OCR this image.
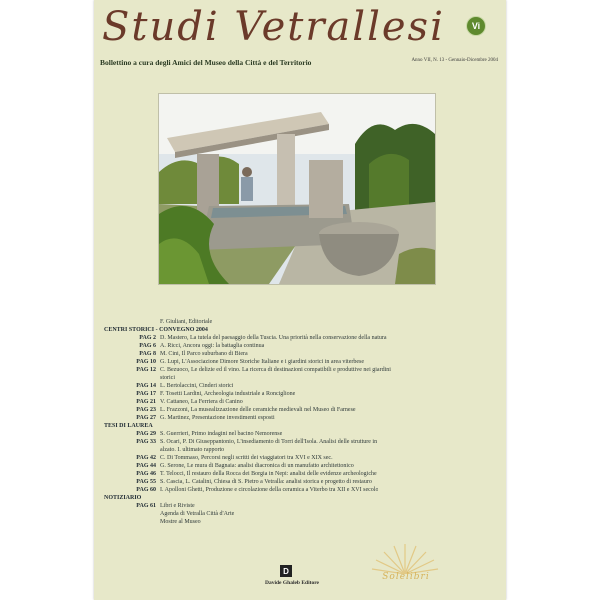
Studi Vetrallesi	Vi
Bollettino a cura degli Amici del Museo della Città e del Territorio	Anno VII, N. 13 - Gennaio-Dicembre 2004
F. Giuliani, Editoriale
CENTRI STORICI - CONVEGNO 2004
PAG 2 D. Mastero, La tutela del paesaggio della Tuscia. Una priorità nella conservazione della natura
PAG 6 A. Ricci, Ancora oggi: la battaglia continua
PAG 8 M. Cini, Il Parco suburbano di Biera
PAG 10 G. Lupi, L'Associazione Dimore Storiche Italiane e i giardini storici in area viterbese
PAG 12 C. Bezuoco, Le delizie ed il vino. La ricerca di destinazioni compatibili e produttive nei giardini
storici
PAG 14 L. Bertolaccini, Cinderi storici
PAG 17 F. Tosetti Lardini, Archeologia industriale a Ronciglione
PAG 21 V. Cattaneo, La Ferriera di Canino
PAG 23 L. Frazzoni, La musealizzazione delle ceramiche medievali nel Museo di Farnese
PAG 27 G. Martinez, Presentazione investimenti esposti
TESI DI LAUREA
PAG 29 S. Guerrieri, Primo indagini nel bacino Nemorense
PAG 33 S. Ocari, P. Di Giuseppantonio, L'insediamento di Torri dell'Isola. Analisi delle strutture in
alzato. I. ultimato rapporto
PAG 42 C. Di Tommaso, Percorsi negli scritti dei viaggiatori tra XVI e XIX sec.
PAG 44 G. Serone, Le mura di Bagnaia: analisi diacronica di un manufatto architettonico
PAG 46 T. Telocci, Il restauro della Rocca dei Borgia in Nepi: analisi delle evidenze archeologiche
PAG 55 S. Cascia, L. Catalini, Chiesa di S. Pietro a Vetralla: analisi storica e progetto di restauro
PAG 60 I. Apolloni Ghetti, Produzione e circolazione della ceramica a Viterbo tra XII e XVI secolo
NOTIZIARIO
PAG 61 Libri e Riviste
Agenda di Vetralla Città d'Arte
Mostre al Museo
Solelibri
D
Davide Ghaleb Editore
